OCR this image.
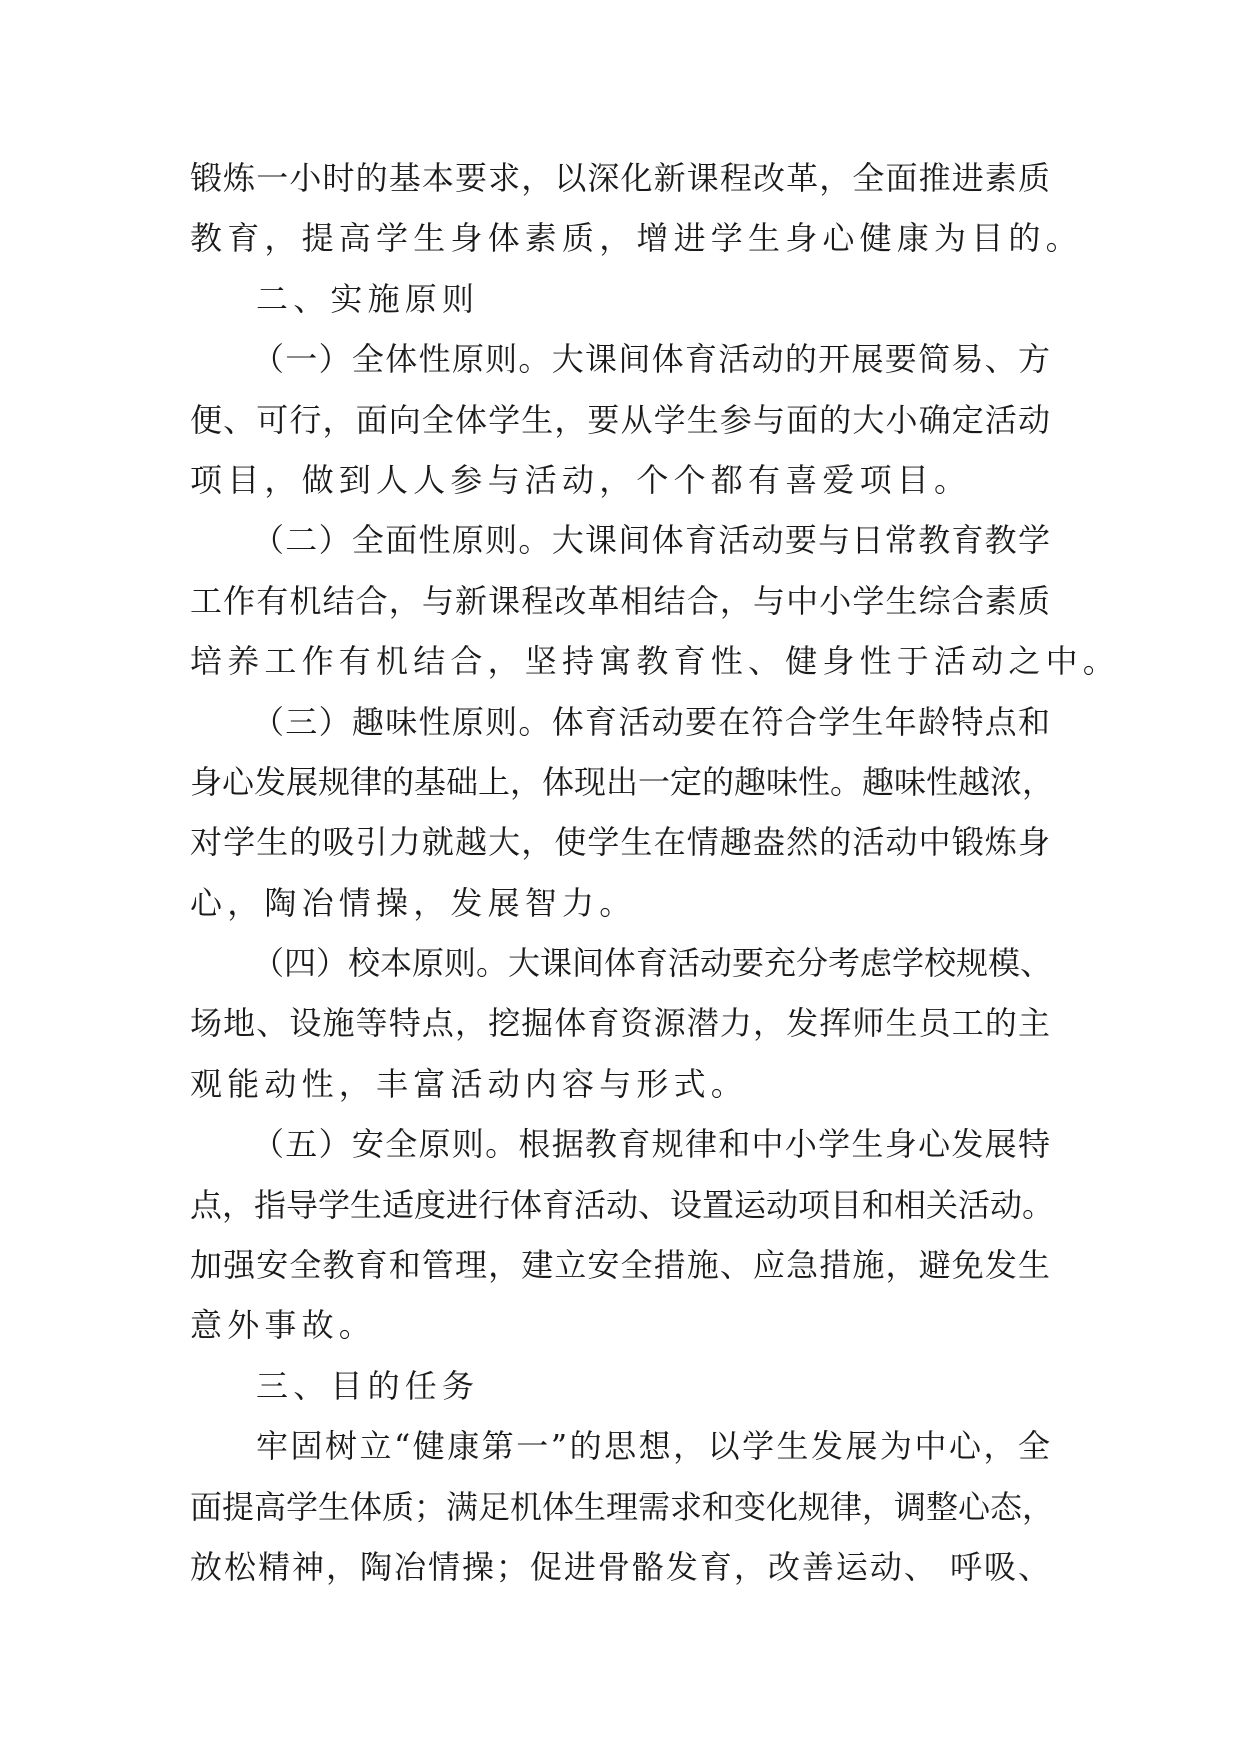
锻炼一小时的基本要求，以深化新课程改革，全面推进素质
教育，提高学生身体素质，增进学生身心健康为目的。
二、实施原则
（一）全体性原则。大课间体育活动的开展要简易、方
便、可行，面向全体学生，要从学生参与面的大小确定活动
项目，做到人人参与活动，个个都有喜爱项目。
（二）全面性原则。大课间体育活动要与日常教育教学
工作有机结合，与新课程改革相结合，与中小学生综合素质
培养工作有机结合，坚持寓教育性、健身性于活动之中。
（三）趣味性原则。体育活动要在符合学生年龄特点和
身心发展规律的基础上，体现出一定的趣味性。趣味性越浓，
对学生的吸引力就越大，使学生在情趣盎然的活动中锻炼身
心，陶冶情操，发展智力。
（四）校本原则。大课间体育活动要充分考虑学校规模、
场地、设施等特点，挖掘体育资源潜力，发挥师生员工的主
观能动性，丰富活动内容与形式。
（五）安全原则。根据教育规律和中小学生身心发展特
点，指导学生适度进行体育活动、设置运动项目和相关活动。
加强安全教育和管理，建立安全措施、应急措施，避免发生
意外事故。
三、目的任务
牢固树立“健康第一”的思想，以学生发展为中心，全
面提高学生体质；满足机体生理需求和变化规律，调整心态，
放松精神，陶冶情操；促进骨骼发育，改善运动、 呼吸、
